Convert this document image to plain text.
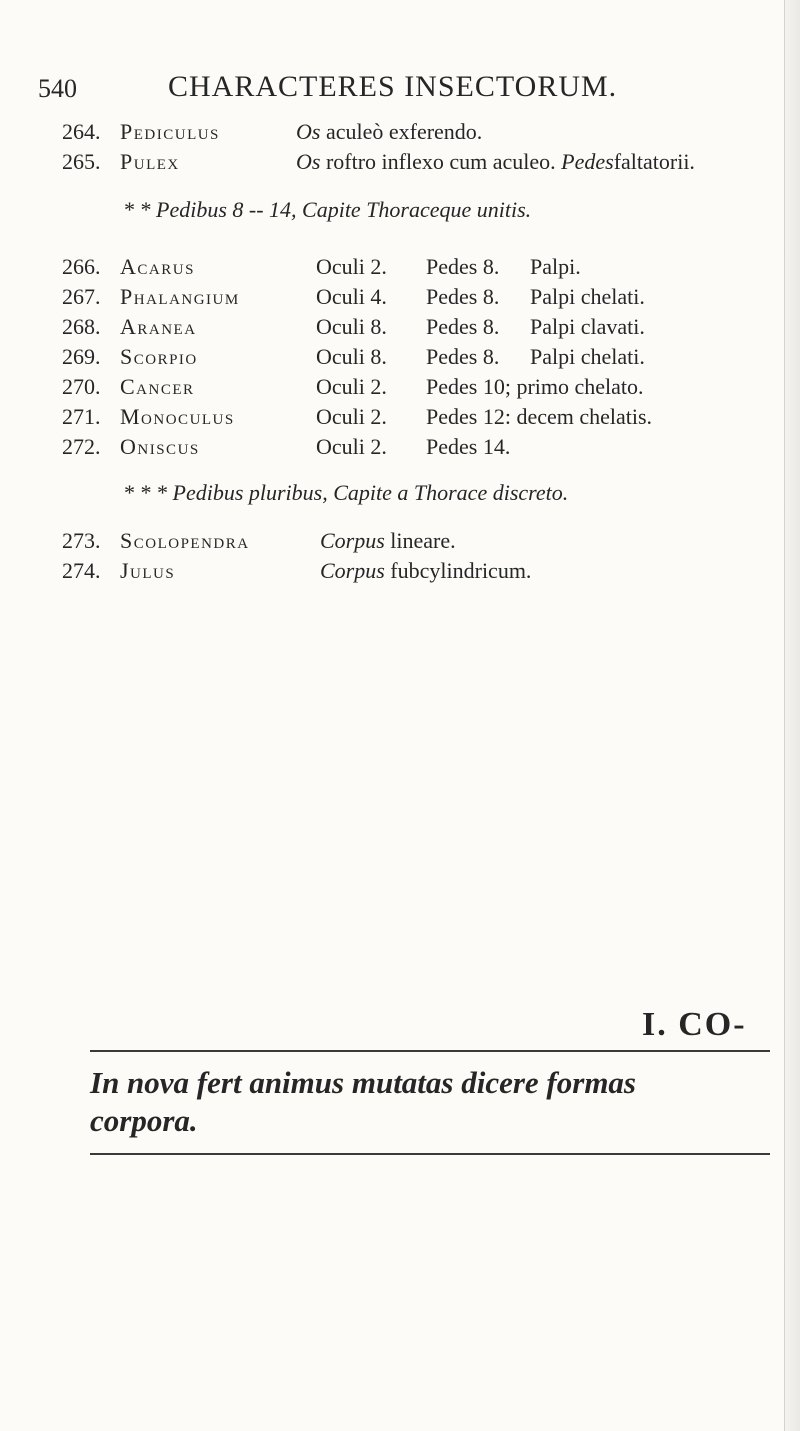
540	CHARACTERES INSECTORUM.
264. Pediculus	Os aculeò exferendo.
265. Pulex	Os roftro inflexo cum aculeo. Pedesfaltatorii.
* * Pedibus 8 -- 14, Capite Thoraceque unitis.
266. Acarus	Oculi 2. Pedes 8. Palpi.
267. Phalangium	Oculi 4. Pedes 8. Palpi chelati.
268. Aranea	Oculi 8. Pedes 8. Palpi clavati.
269. Scorpio	Oculi 8. Pedes 8. Palpi chelati.
270. Cancer	Oculi 2. Pedes 10; primo chelato.
271. Monoculus	Oculi 2. Pedes 12: decem chelatis.
272. Oniscus	Oculi 2. Pedes 14.
* * * Pedibus pluribus, Capite a Thorace discreto.
273. Scolopendra	Corpus lineare.
274. Julus	Corpus fubcylindricum.
I. CO-
In nova fert animus mutatas dicere formas
corpora.
